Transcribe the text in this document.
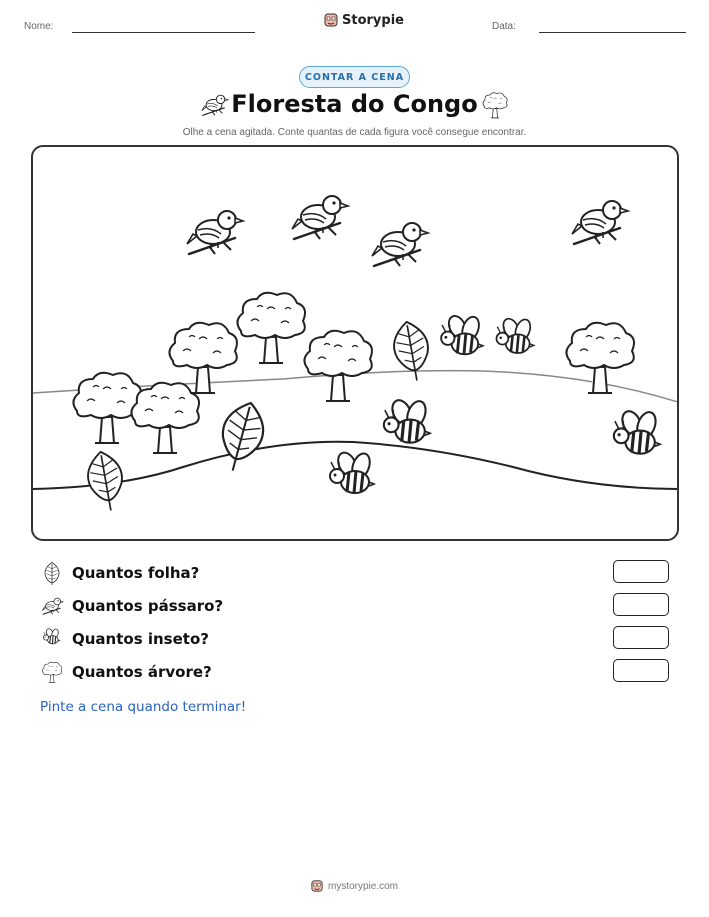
Nome:	Storypie	Data:
CONTAR A CENA
Floresta do Congo
Olhe a cena agitada. Conte quantas de cada figura você consegue encontrar.
Quantos folha?
Quantos pássaro?
Quantos inseto?
Quantos árvore?
Pinte a cena quando terminar!
mystorypie.com
